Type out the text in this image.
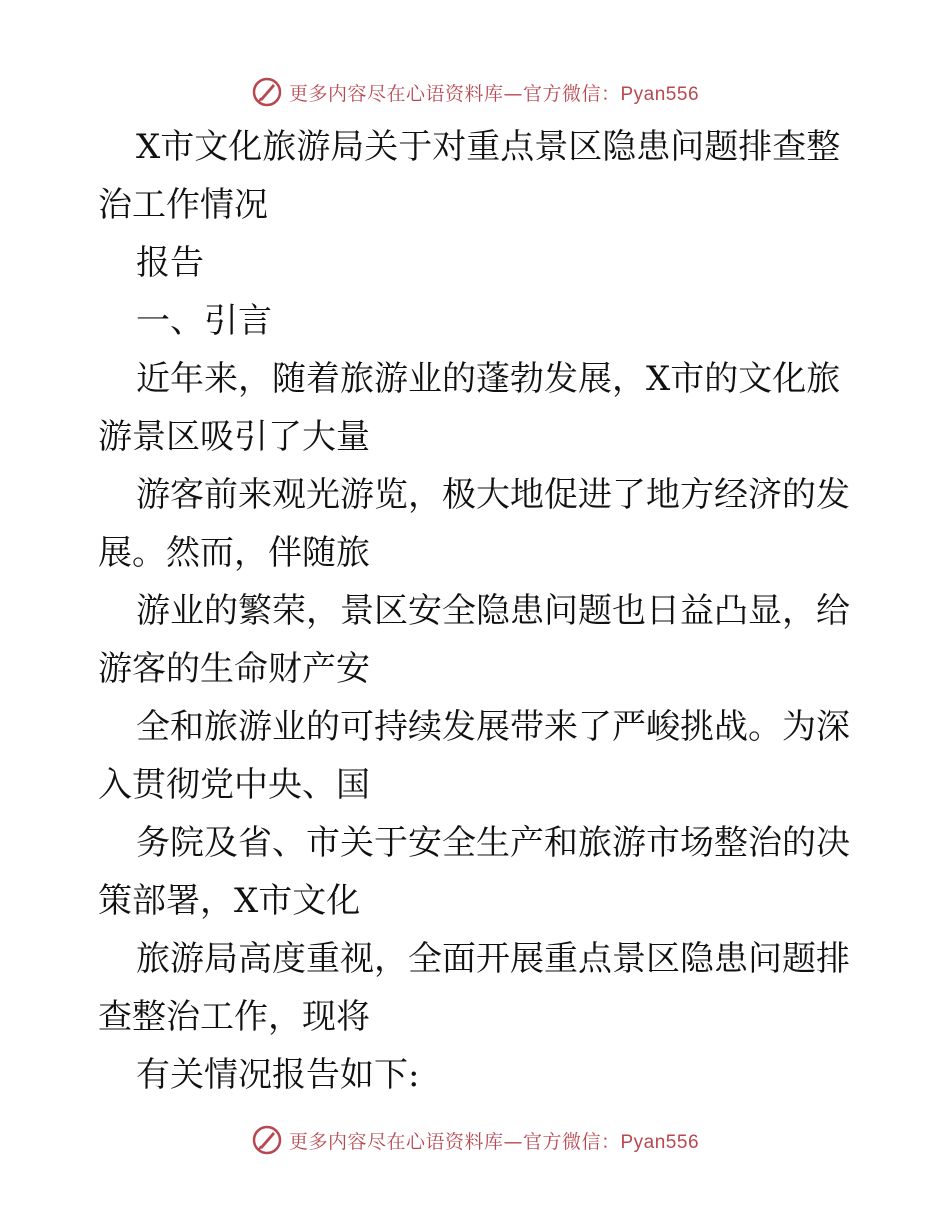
更多内容尽在心语资料库—官方微信：Pyan556

X市文化旅游局关于对重点景区隐患问题排查整治工作情况

报告

一、引言

近年来，随着旅游业的蓬勃发展，X市的文化旅游景区吸引了大量

游客前来观光游览，极大地促进了地方经济的发展。然而，伴随旅

游业的繁荣，景区安全隐患问题也日益凸显，给游客的生命财产安

全和旅游业的可持续发展带来了严峻挑战。为深入贯彻党中央、国

务院及省、市关于安全生产和旅游市场整治的决策部署，X市文化

旅游局高度重视，全面开展重点景区隐患问题排查整治工作，现将

有关情况报告如下:

更多内容尽在心语资料库—官方微信：Pyan556
